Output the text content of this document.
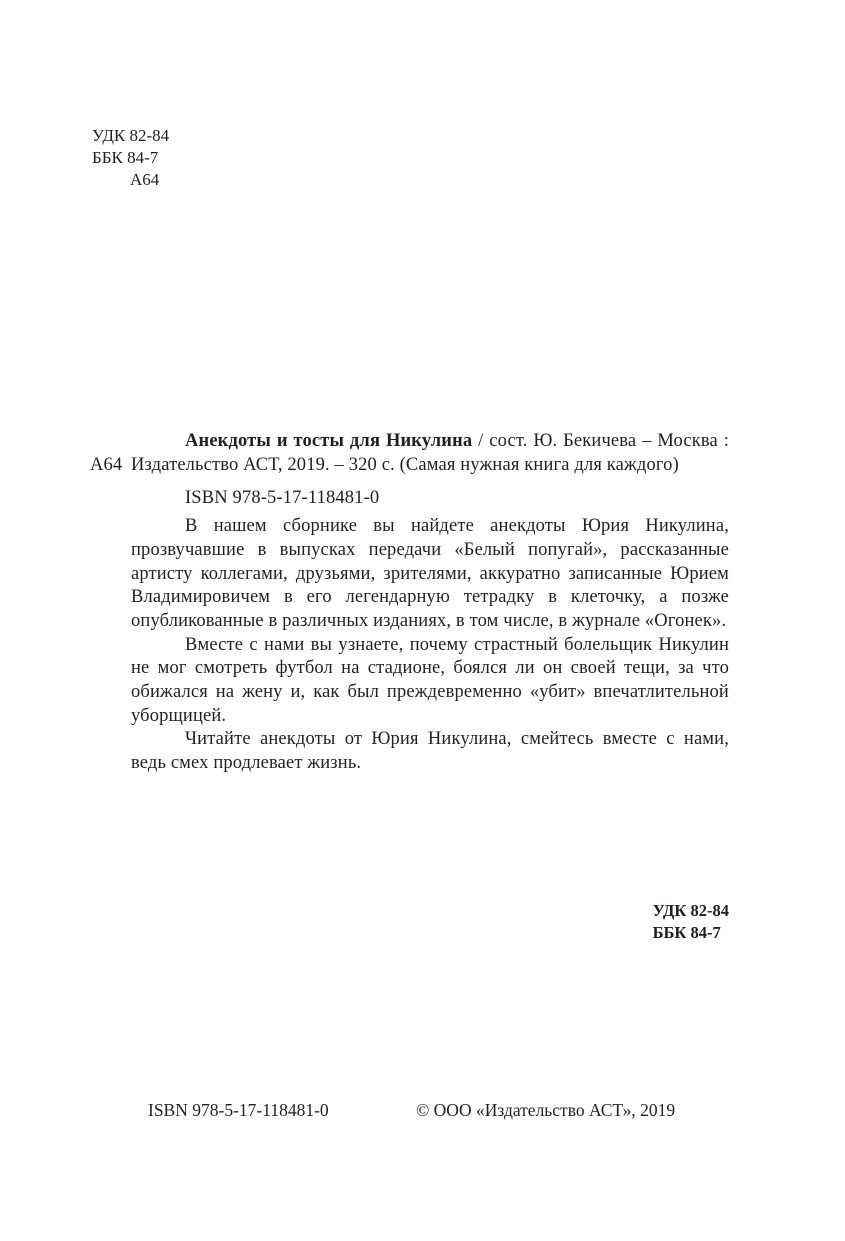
УДК 82-84
ББК 84-7
А64
А64
Анекдоты и тосты для Никулина / сост. Ю. Бекичева – Москва : Издательство АСТ, 2019. – 320 с. (Самая нужная книга для каждого)
ISBN 978-5-17-118481-0

В нашем сборнике вы найдете анекдоты Юрия Никулина, прозвучавшие в выпусках передачи «Белый попугай», рассказанные артисту коллегами, друзьями, зрителями, аккуратно записанные Юрием Владимировичем в его легендарную тетрадку в клеточку, а позже опубликованные в различных изданиях, в том числе, в журнале «Огонек».

Вместе с нами вы узнаете, почему страстный болельщик Никулин не мог смотреть футбол на стадионе, боялся ли он своей тещи, за что обижался на жену и, как был преждевременно «убит» впечатлительной уборщицей.

Читайте анекдоты от Юрия Никулина, смейтесь вместе с нами, ведь смех продлевает жизнь.

УДК 82-84
ББК 84-7
ISBN 978-5-17-118481-0	© ООО «Издательство АСТ», 2019
